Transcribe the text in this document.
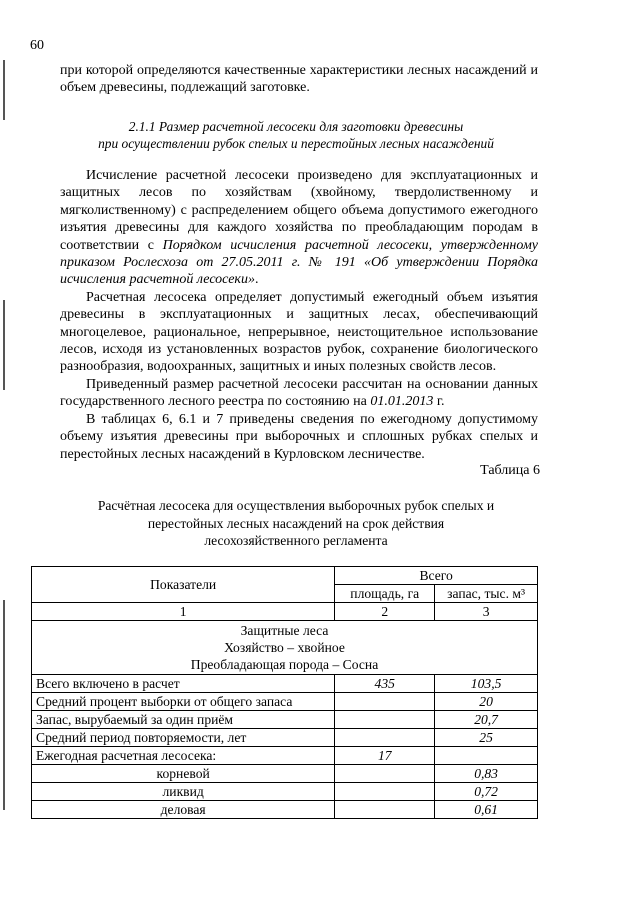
60
при которой определяются качественные характеристики лесных насаждений и объем древесины, подлежащий заготовке.
2.1.1 Размер расчетной лесосеки для заготовки древесины
при осуществлении рубок спелых и перестойных лесных насаждений

Исчисление расчетной лесосеки произведено для эксплуатационных и защитных лесов по хозяйствам (хвойному, твердолиственному и мягколиственному) с распределением общего объема допустимого ежегодного изъятия древесины для каждого хозяйства по преобладающим породам в соответствии с Порядком исчисления расчетной лесосеки, утвержденному приказом Рослесхоза от 27.05.2011 г. № 191 «Об утверждении Порядка исчисления расчетной лесосеки».

Расчетная лесосека определяет допустимый ежегодный объем изъятия древесины в эксплуатационных и защитных лесах, обеспечивающий многоцелевое, рациональное, непрерывное, неистощительное использование лесов, исходя из установленных возрастов рубок, сохранение биологического разнообразия, водоохранных, защитных и иных полезных свойств лесов.

Приведенный размер расчетной лесосеки рассчитан на основании данных государственного лесного реестра по состоянию на 01.01.2013 г.

В таблицах 6, 6.1 и 7 приведены сведения по ежегодному допустимому объему изъятия древесины при выборочных и сплошных рубках спелых и перестойных лесных насаждений в Курловском лесничестве.

Таблица 6
Расчётная лесосека для осуществления выборочных рубок спелых и
перестойных лесных насаждений на срок действия
лесохозяйственного регламента
Показатели	Всего	
	площадь, га	запас, тыс. м³
1	2	3

Защитные леса
Хозяйство – хвойное
Преобладающая порода – Сосна		

Всего включено в расчет	435	103,5
Средний процент выборки от общего запаса		20
Запас, вырубаемый за один приём		20,7
Средний период повторяемости, лет		25
Ежегодная расчетная лесосека:	17	
корневой		0,83
ликвид		0,72
деловая		0,61
